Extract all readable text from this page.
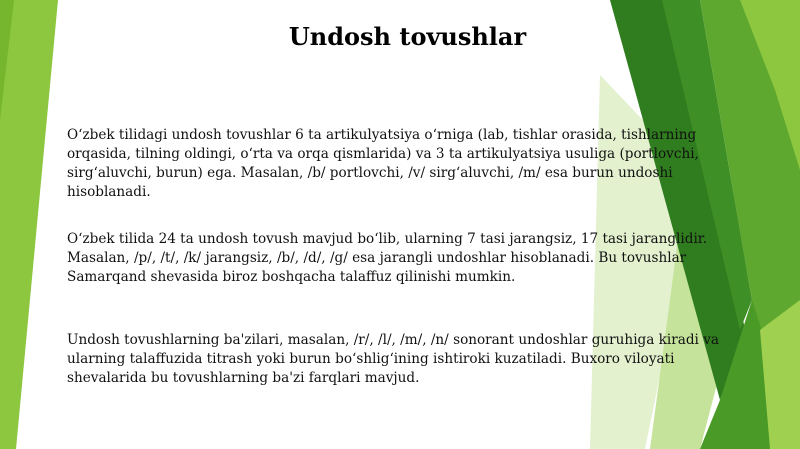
Undosh tovushlar
O‘zbek tilidagi undosh tovushlar 6 ta artikulyatsiya o‘rniga (lab, tishlar orasida, tishlarning
orqasida, tilning oldingi, o‘rta va orqa qismlarida) va 3 ta artikulyatsiya usuliga (portlovchi,
sirg‘aluvchi, burun) ega. Masalan, /b/ portlovchi, /v/ sirg‘aluvchi, /m/ esa burun undoshi
hisoblanadi.
O‘zbek tilida 24 ta undosh tovush mavjud bo‘lib, ularning 7 tasi jarangsiz, 17 tasi jaranglidir.
Masalan, /p/, /t/, /k/ jarangsiz, /b/, /d/, /g/ esa jarangli undoshlar hisoblanadi. Bu tovushlar
Samarqand shevasida biroz boshqacha talaffuz qilinishi mumkin.
Undosh tovushlarning ba'zilari, masalan, /r/, /l/, /m/, /n/ sonorant undoshlar guruhiga kiradi va
ularning talaffuzida titrash yoki burun bo‘shlig‘ining ishtiroki kuzatiladi. Buxoro viloyati
shevalarida bu tovushlarning ba'zi farqlari mavjud.
